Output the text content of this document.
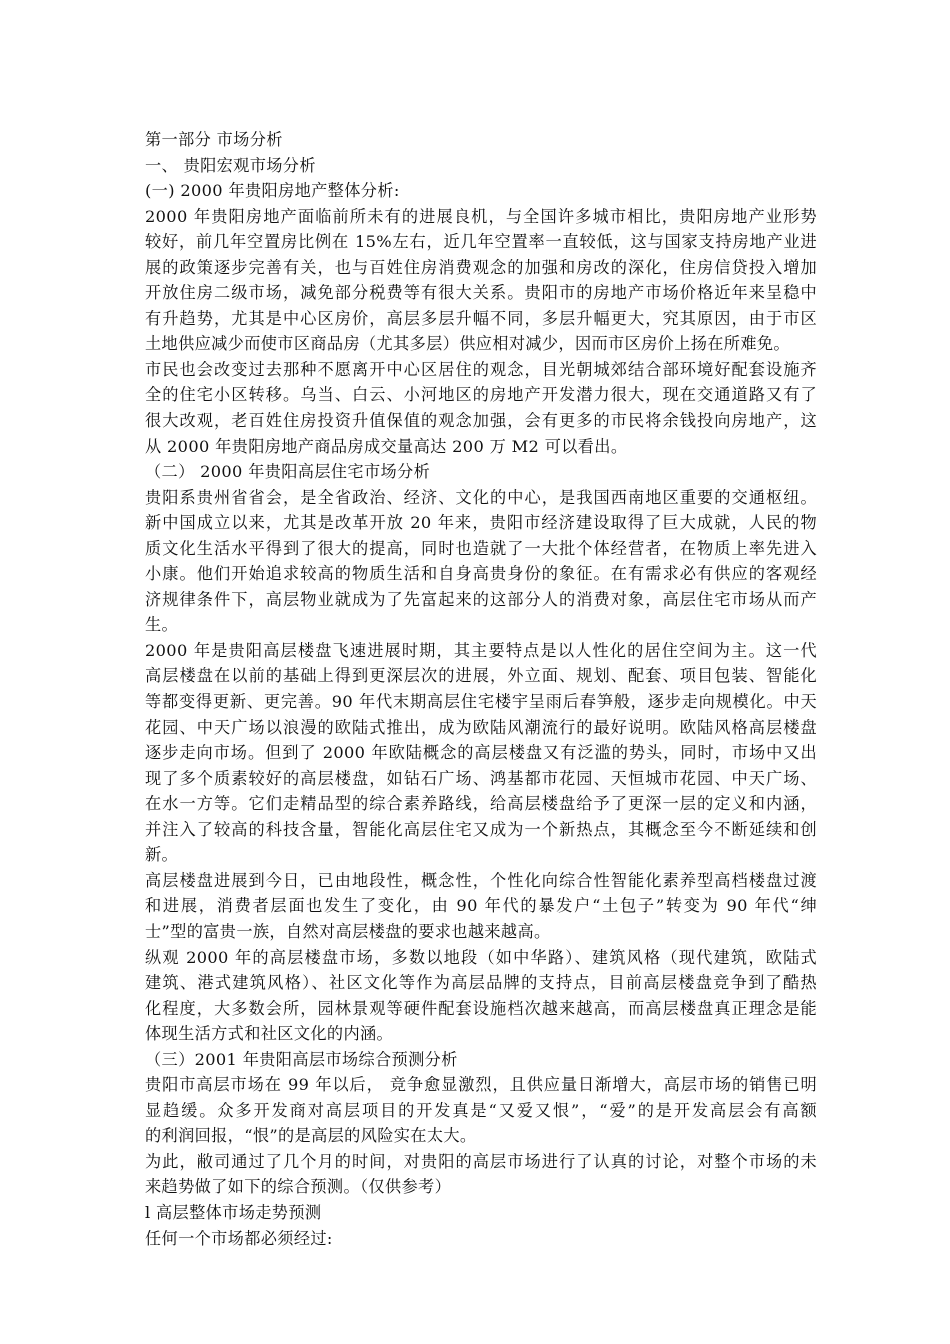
第一部分 市场分析
一、 贵阳宏观市场分析
(一) 2000 年贵阳房地产整体分析:
2000 年贵阳房地产面临前所未有的进展良机，与全国许多城市相比，贵阳房地产业形势
较好，前几年空置房比例在 15%左右，近几年空置率一直较低，这与国家支持房地产业进
展的政策逐步完善有关，也与百姓住房消费观念的加强和房改的深化，住房信贷投入增加
开放住房二级市场，减免部分税费等有很大关系。贵阳市的房地产市场价格近年来呈稳中
有升趋势，尤其是中心区房价，高层多层升幅不同，多层升幅更大，究其原因，由于市区
土地供应减少而使市区商品房（尤其多层）供应相对减少，因而市区房价上扬在所难免。
市民也会改变过去那种不愿离开中心区居住的观念，目光朝城郊结合部环境好配套设施齐
全的住宅小区转移。乌当、白云、小河地区的房地产开发潜力很大，现在交通道路又有了
很大改观，老百姓住房投资升值保值的观念加强，会有更多的市民将余钱投向房地产，这
从 2000 年贵阳房地产商品房成交量高达 200 万 M2 可以看出。
（二） 2000 年贵阳高层住宅市场分析
贵阳系贵州省省会，是全省政治、经济、文化的中心，是我国西南地区重要的交通枢纽。
新中国成立以来，尤其是改革开放 20 年来，贵阳市经济建设取得了巨大成就，人民的物
质文化生活水平得到了很大的提高，同时也造就了一大批个体经营者，在物质上率先进入
小康。他们开始追求较高的物质生活和自身高贵身份的象征。在有需求必有供应的客观经
济规律条件下，高层物业就成为了先富起来的这部分人的消费对象，高层住宅市场从而产
生。
2000 年是贵阳高层楼盘飞速进展时期，其主要特点是以人性化的居住空间为主。这一代
高层楼盘在以前的基础上得到更深层次的进展，外立面、规划、配套、项目包装、智能化
等都变得更新、更完善。90 年代末期高层住宅楼宇呈雨后春笋般，逐步走向规模化。中天
花园、中天广场以浪漫的欧陆式推出，成为欧陆风潮流行的最好说明。欧陆风格高层楼盘
逐步走向市场。但到了 2000 年欧陆概念的高层楼盘又有泛滥的势头，同时，市场中又出
现了多个质素较好的高层楼盘，如钻石广场、鸿基都市花园、天恒城市花园、中天广场、
在水一方等。它们走精品型的综合素养路线，给高层楼盘给予了更深一层的定义和内涵，
并注入了较高的科技含量，智能化高层住宅又成为一个新热点，其概念至今不断延续和创
新。
高层楼盘进展到今日，已由地段性，概念性，个性化向综合性智能化素养型高档楼盘过渡
和进展，消费者层面也发生了变化，由 90 年代的暴发户“土包子”转变为 90 年代“绅
士”型的富贵一族，自然对高层楼盘的要求也越来越高。
纵观 2000 年的高层楼盘市场，多数以地段（如中华路）、建筑风格（现代建筑，欧陆式
建筑、港式建筑风格）、社区文化等作为高层品牌的支持点，目前高层楼盘竞争到了酷热
化程度，大多数会所，园林景观等硬件配套设施档次越来越高，而高层楼盘真正理念是能
体现生活方式和社区文化的内涵。
（三）2001 年贵阳高层市场综合预测分析
贵阳市高层市场在 99 年以后， 竞争愈显激烈，且供应量日渐增大，高层市场的销售已明
显趋缓。众多开发商对高层项目的开发真是“又爱又恨”，“爱”的是开发高层会有高额
的利润回报，“恨”的是高层的风险实在太大。
为此，敝司通过了几个月的时间，对贵阳的高层市场进行了认真的讨论，对整个市场的未
来趋势做了如下的综合预测。（仅供参考）
l 高层整体市场走势预测
任何一个市场都必须经过:
